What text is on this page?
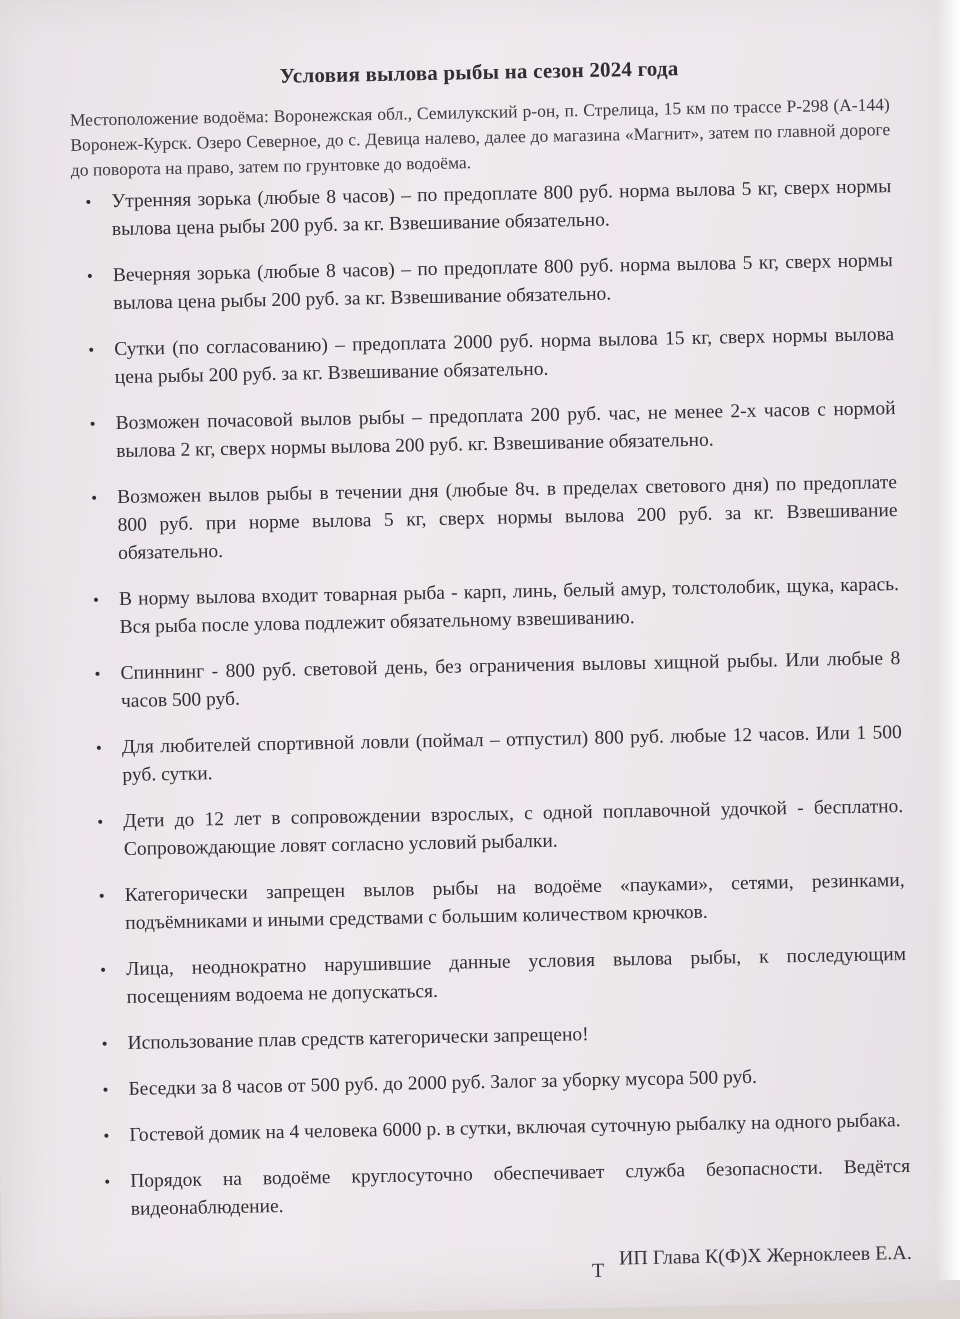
Условия вылова рыбы на сезон 2024 года
Местоположение водоёма: Воронежская обл., Семилукский р-он, п. Стрелица, 15 км по трассе Р-298 (А-144) Воронеж-Курск. Озеро Северное, до с. Девица налево, далее до магазина «Магнит», затем по главной дороге до поворота на право, затем по грунтовке до водоёма.
• Утренняя зорька (любые 8 часов) – по предоплате 800 руб. норма вылова 5 кг, сверх нормы вылова цена рыбы 200 руб. за кг. Взвешивание обязательно.
• Вечерняя зорька (любые 8 часов) – по предоплате 800 руб. норма вылова 5 кг, сверх нормы вылова цена рыбы 200 руб. за кг. Взвешивание обязательно.
• Сутки (по согласованию) – предоплата 2000 руб. норма вылова 15 кг, сверх нормы вылова цена рыбы 200 руб. за кг. Взвешивание обязательно.
• Возможен почасовой вылов рыбы – предоплата 200 руб. час, не менее 2-х часов с нормой вылова 2 кг, сверх нормы вылова 200 руб. кг. Взвешивание обязательно.
• Возможен вылов рыбы в течении дня (любые 8ч. в пределах светового дня) по предоплате 800 руб. при норме вылова 5 кг, сверх нормы вылова 200 руб. за кг. Взвешивание обязательно.
• В норму вылова входит товарная рыба - карп, линь, белый амур, толстолобик, щука, карась. Вся рыба после улова подлежит обязательному взвешиванию.
• Спиннинг - 800 руб. световой день, без ограничения выловы хищной рыбы. Или любые 8 часов 500 руб.
• Для любителей спортивной ловли (поймал – отпустил) 800 руб. любые 12 часов. Или 1 500 руб. сутки.
• Дети до 12 лет в сопровождении взрослых, с одной поплавочной удочкой - бесплатно. Сопровождающие ловят согласно условий рыбалки.
• Категорически запрещен вылов рыбы на водоёме «пауками», сетями, резинками, подъёмниками и иными средствами с большим количеством крючков.
• Лица, неоднократно нарушившие данные условия вылова рыбы, к последующим посещениям водоема не допускаться.
• Использование плав средств категорически запрещено!
• Беседки за 8 часов от 500 руб. до 2000 руб. Залог за уборку мусора 500 руб.
• Гостевой домик на 4 человека 6000 р. в сутки, включая суточную рыбалку на одного рыбака.
• Порядок на водоёме круглосуточно обеспечивает служба безопасности. Ведётся видеонаблюдение.
ИП Глава К(Ф)Х Жерноклеев Е.А.
Т
